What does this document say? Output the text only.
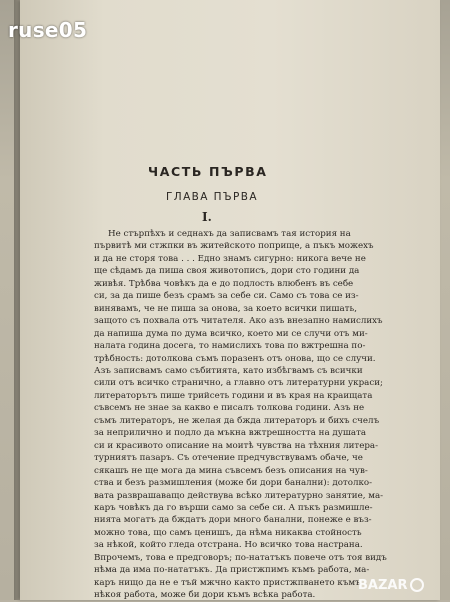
ruse05
ЧАСТЬ ПЪРВА
ГЛАВА ПЪРВА
I.
Не стърпѣхъ и седнахъ да записвамъ тая история на
първитѣ ми стжпки въ житейското поприще, а пъкъ можехъ
и да не сторя това . . . Едно знамъ сигурно: никога вече не
ще сѣдамъ да пиша своя животописъ, дори сто години да
живѣя. Трѣбва човѣкъ да е до подлость влюбенъ въ себе
си, за да пише безъ срамъ за себе си. Само съ това се из-
винявамъ, че не пиша за онова, за което всички пишать,
защото съ похвала отъ читателя. Ако азъ внезапно намислихъ
да напиша дума по дума всичко, което ми се случи отъ ми-
налата година досега, то намислихъ това по вжтрешна по-
трѣбность: дотолкова съмъ поразенъ отъ онова, що се случи.
Азъ записвамъ само събитията, като избѣгвамъ съ всички
сили отъ всичко странично, а главно отъ литературни украси;
литераторътъ пише трийсеть години и въ края на краищата
съвсемъ не знае за какво е писалъ толкова години. Азъ не
съмъ литераторъ, не желая да бжда литераторъ и бихъ счелъ
за неприлично и подло да мъкна вжтрешността на душата
си и красивото описание на моитѣ чувства на тѣхния литера-
турниятъ пазаръ. Съ отечение предчувствувамъ обаче, че
сякашъ не ще мога да мина съвсемъ безъ описания на чув-
ства и безъ размишления (може би дори банални): дотолко-
вата разврашаващо действува всѣко литературно занятие, ма-
каръ човѣкъ да го върши само за себе си. А пъкъ размишле-
нията могатъ да бждатъ дори много банални, понеже е въз-
можно това, що самъ ценишъ, да нѣма никаква стойность
за нѣкой, който гледа отстрана. Но всичко това настрана.
Впрочемъ, това е предговоръ; по-нататъкъ повече отъ тоя видъ
нѣма да има по-нататъкъ. Да пристжпимъ къмъ работа, ма-
каръ нищо да не е тъй мжчно както пристжпването къмъ
нѣкоя работа, може би дори къмъ всѣка работа.
BAZAR
